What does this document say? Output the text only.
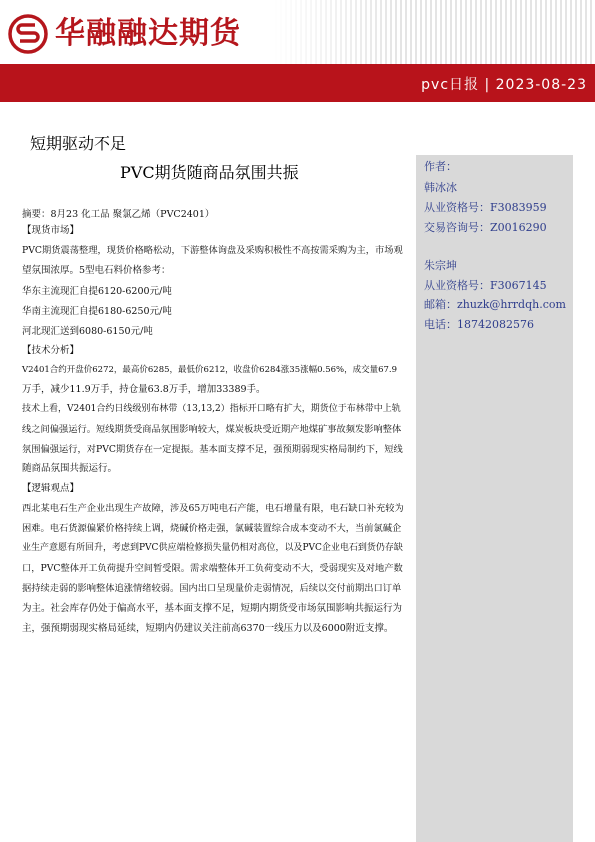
华融融达期货
pvc日报 | 2023-08-23
作者：
韩冰冰
从业资格号：F3083959
交易咨询号：Z0016290
朱宗坤
从业资格号：F3067145
邮箱：zhuzk@hrrdqh.com
电话：18742082576
短期驱动不足
PVC期货随商品氛围共振
摘要：8月23 化工品 聚氯乙烯（PVC2401）
【现货市场】
PVC期货震荡整理，现货价格略松动，下游整体询盘及采购积极性不高按需采购为主，市场观
望氛围浓厚。5型电石料价格参考：
华东主流现汇自提6120-6200元/吨
华南主流现汇自提6180-6250元/吨
河北现汇送到6080-6150元/吨
【技术分析】
V2401合约开盘价6272，最高价6285，最低价6212，收盘价6284涨35涨幅0.56%，成交量67.9
万手，减少11.9万手，持仓量63.8万手，增加33389手。
技术上看，V2401合约日线级别布林带（13,13,2）指标开口略有扩大，期货位于布林带中上轨
线之间偏强运行。短线期货受商品氛围影响较大，煤炭板块受近期产地煤矿事故频发影响整体
氛围偏强运行，对PVC期货存在一定提振。基本面支撑不足，强预期弱现实格局制约下，短线
随商品氛围共振运行。
【逻辑观点】
西北某电石生产企业出现生产故障，涉及65万吨电石产能，电石增量有限，电石缺口补充较为
困难。电石货源偏紧价格持续上调，烧碱价格走强，氯碱装置综合成本变动不大，当前氯碱企
业生产意愿有所回升，考虑到PVC供应端检修损失量仍相对高位，以及PVC企业电石到货仍存缺
口，PVC整体开工负荷提升空间暂受限。需求端整体开工负荷变动不大，受弱现实及对地产数
据持续走弱的影响整体追涨情绪较弱。国内出口呈现量价走弱情况，后续以交付前期出口订单
为主。社会库存仍处于偏高水平，基本面支撑不足，短期内期货受市场氛围影响共振运行为
主，强预期弱现实格局延续，短期内仍建议关注前高6370一线压力以及6000附近支撑。
